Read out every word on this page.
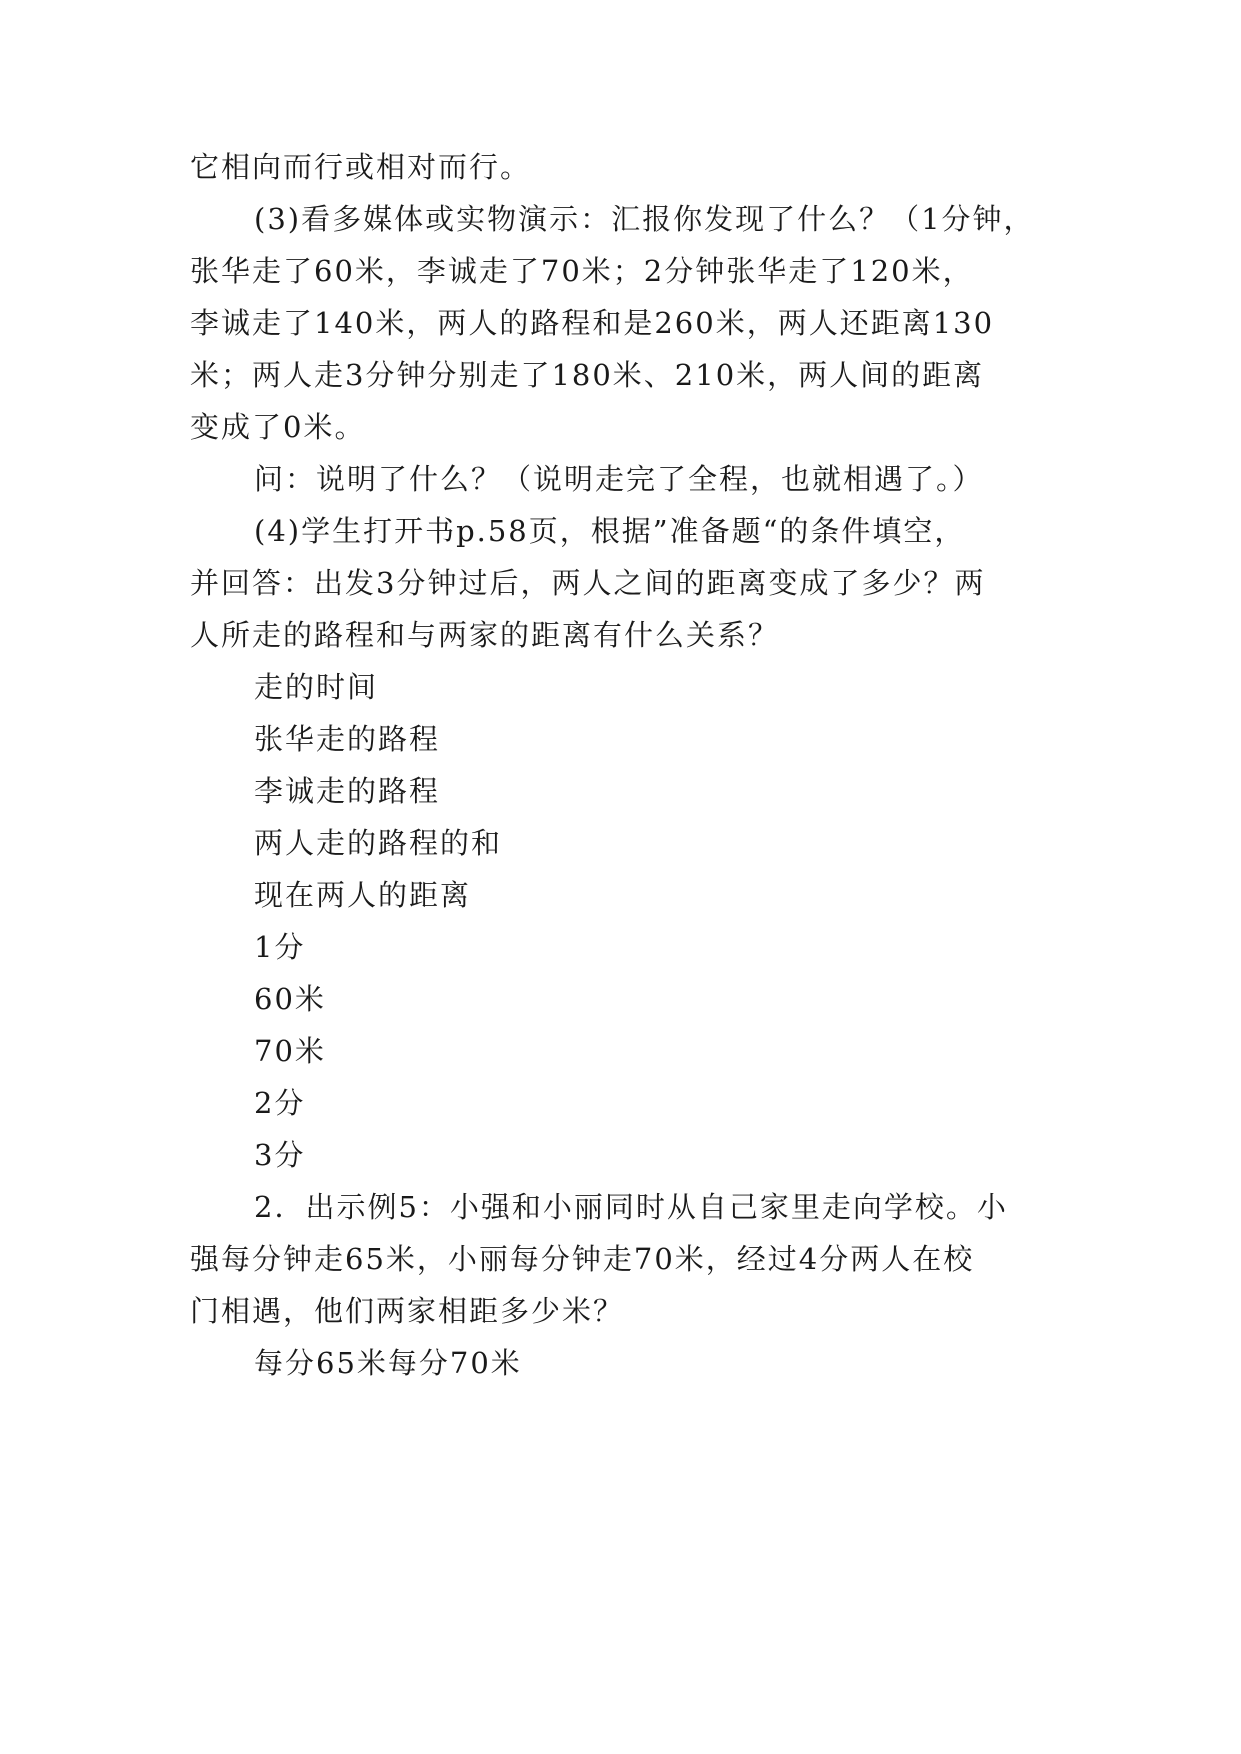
它相向而行或相对而行。

(3)看多媒体或实物演示：汇报你发现了什么？（1分钟，

张华走了60米，李诚走了70米；2分钟张华走了120米，

李诚走了140米，两人的路程和是260米，两人还距离130

米；两人走3分钟分别走了180米、210米，两人间的距离

变成了0米。

问：说明了什么？（说明走完了全程，也就相遇了。）

(4)学生打开书p.58页，根据”准备题“的条件填空，

并回答：出发3分钟过后，两人之间的距离变成了多少？两

人所走的路程和与两家的距离有什么关系？

走的时间

张华走的路程

李诚走的路程

两人走的路程的和

现在两人的距离

1分

60米

70米

2分

3分

2．出示例5：小强和小丽同时从自己家里走向学校。小

强每分钟走65米，小丽每分钟走70米，经过4分两人在校

门相遇，他们两家相距多少米？

每分65米每分70米
